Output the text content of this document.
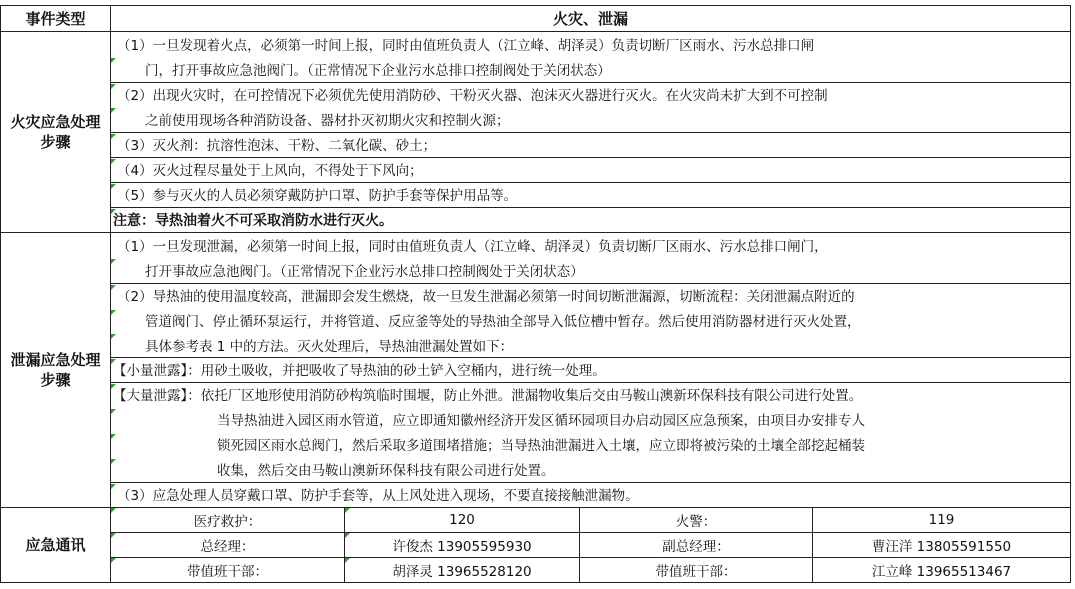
事件类型	火灾、泄漏
火灾应急处理
步骤
（1）一旦发现着火点，必须第一时间上报，同时由值班负责人（江立峰、胡泽灵）负责切断厂区雨水、污水总排口闸
门，打开事故应急池阀门。（正常情况下企业污水总排口控制阀处于关闭状态）
（2）出现火灾时，在可控情况下必须优先使用消防砂、干粉灭火器、泡沫灭火器进行灭火。在火灾尚未扩大到不可控制
之前使用现场各种消防设备、器材扑灭初期火灾和控制火源；
（3）灭火剂：抗溶性泡沫、干粉、二氧化碳、砂土；
（4）灭火过程尽量处于上风向，不得处于下风向；
（5）参与灭火的人员必须穿戴防护口罩、防护手套等保护用品等。
注意：导热油着火不可采取消防水进行灭火。
泄漏应急处理
步骤
（1）一旦发现泄漏，必须第一时间上报，同时由值班负责人（江立峰、胡泽灵）负责切断厂区雨水、污水总排口闸门，
打开事故应急池阀门。（正常情况下企业污水总排口控制阀处于关闭状态）
（2）导热油的使用温度较高，泄漏即会发生燃烧，故一旦发生泄漏必须第一时间切断泄漏源，切断流程：关闭泄漏点附近的
管道阀门、停止循环泵运行，并将管道、反应釜等处的导热油全部导入低位槽中暂存。然后使用消防器材进行灭火处置，
具体参考表 1 中的方法。灭火处理后，导热油泄漏处置如下：
【小量泄露】：用砂土吸收，并把吸收了导热油的砂土铲入空桶内，进行统一处理。
【大量泄露】：依托厂区地形使用消防砂构筑临时围堰，防止外泄。泄漏物收集后交由马鞍山澳新环保科技有限公司进行处置。
当导热油进入园区雨水管道，应立即通知徽州经济开发区循环园项目办启动园区应急预案，由项目办安排专人
锁死园区雨水总阀门，然后采取多道围堵措施；当导热油泄漏进入土壤，应立即将被污染的土壤全部挖起桶装
收集，然后交由马鞍山澳新环保科技有限公司进行处置。
（3）应急处理人员穿戴口罩、防护手套等，从上风处进入现场，不要直接接触泄漏物。
应急通讯
医疗救护：	120	火警：	119
总经理：	许俊杰 13905595930	副总经理：	曹汪洋 13805591550
带值班干部：	胡泽灵 13965528120	带值班干部：	江立峰 13965513467
